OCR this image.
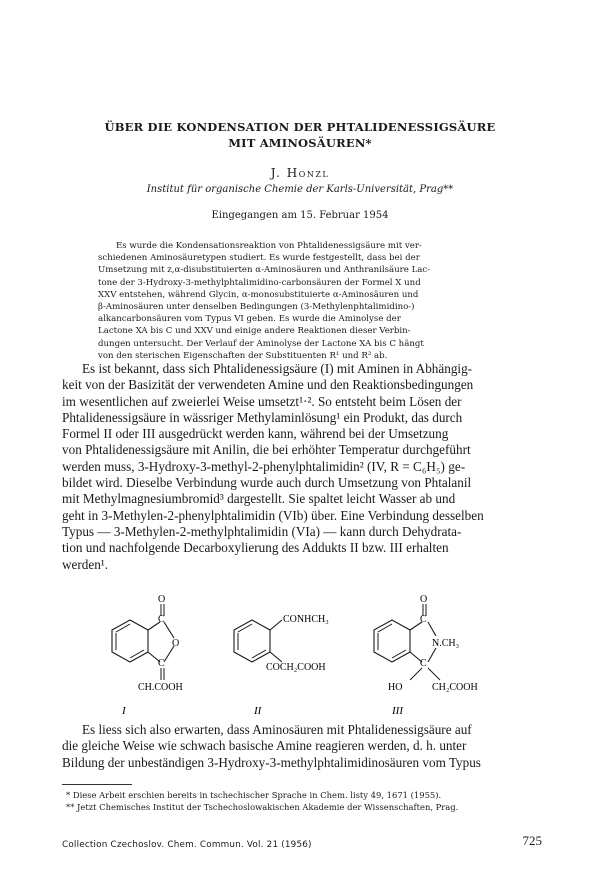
ÜBER DIE KONDENSATION DER PHTALIDENESSIGSÄURE
MIT AMINOSÄUREN*
J. Honzl
Institut für organische Chemie der Karls-Universität, Prag**
Eingegangen am 15. Februar 1954
Es wurde die Kondensationsreaktion von Phtalidenessigsäure mit ver-
schiedenen Aminosäuretypen studiert. Es wurde festgestellt, dass bei der
Umsetzung mit z,α-disubstituierten α-Aminosäuren und Anthranilsäure Lac-
tone der 3-Hydroxy-3-methylphtalimidino-carbonsäuren der Formel X und
XXV entstehen, während Glycin, α-monosubstituierte α-Aminosäuren und
β-Aminosäuren unter denselben Bedingungen (3-Methylenphtalimidino-)
alkancarbonsäuren vom Typus VI geben. Es wurde die Aminolyse der
Lactone XA bis C und XXV und einige andere Reaktionen dieser Verbin-
dungen untersucht. Der Verlauf der Aminolyse der Lactone XA bis C hängt
von den sterischen Eigenschaften der Substituenten R¹ und R² ab.
Es ist bekannt, dass sich Phtalidenessigsäure (I) mit Aminen in Abhängig-
keit von der Basizität der verwendeten Amine und den Reaktionsbedingungen
im wesentlichen auf zweierlei Weise umsetzt¹·². So entsteht beim Lösen der
Phtalidenessigsäure in wässriger Methylaminlösung¹ ein Produkt, das durch
Formel II oder III ausgedrückt werden kann, während bei der Umsetzung
von Phtalidenessigsäure mit Anilin, die bei erhöhter Temperatur durchgeführt
werden muss, 3-Hydroxy-3-methyl-2-phenylphtalimidin² (IV, R = C₆H₅) ge-
bildet wird. Dieselbe Verbindung wurde auch durch Umsetzung von Phtalanil
mit Methylmagnesiumbromid³ dargestellt. Sie spaltet leicht Wasser ab und
geht in 3-Methylen-2-phenylphtalimidin (VIb) über. Eine Verbindung desselben
Typus — 3-Methylen-2-methylphtalimidin (VIa) — kann durch Dehydrata-
tion und nachfolgende Decarboxylierung des Addukts II bzw. III erhalten
werden¹.
O
C
O
C
CH.COOH
I
CONHCH₃
COCH₂COOH
II
O
C
N.CH₃
C
HO	CH₂COOH
III
Es liess sich also erwarten, dass Aminosäuren mit Phtalidenessigsäure auf
die gleiche Weise wie schwach basische Amine reagieren werden, d. h. unter
Bildung der unbeständigen 3-Hydroxy-3-methylphtalimidinosäuren vom Typus
* Diese Arbeit erschien bereits in tschechischer Sprache in Chem. listy 49, 1671 (1955).
** Jetzt Chemisches Institut der Tschechoslowakischen Akademie der Wissenschaften, Prag.
Collection Czechoslov. Chem. Commun. Vol. 21 (1956)	725
